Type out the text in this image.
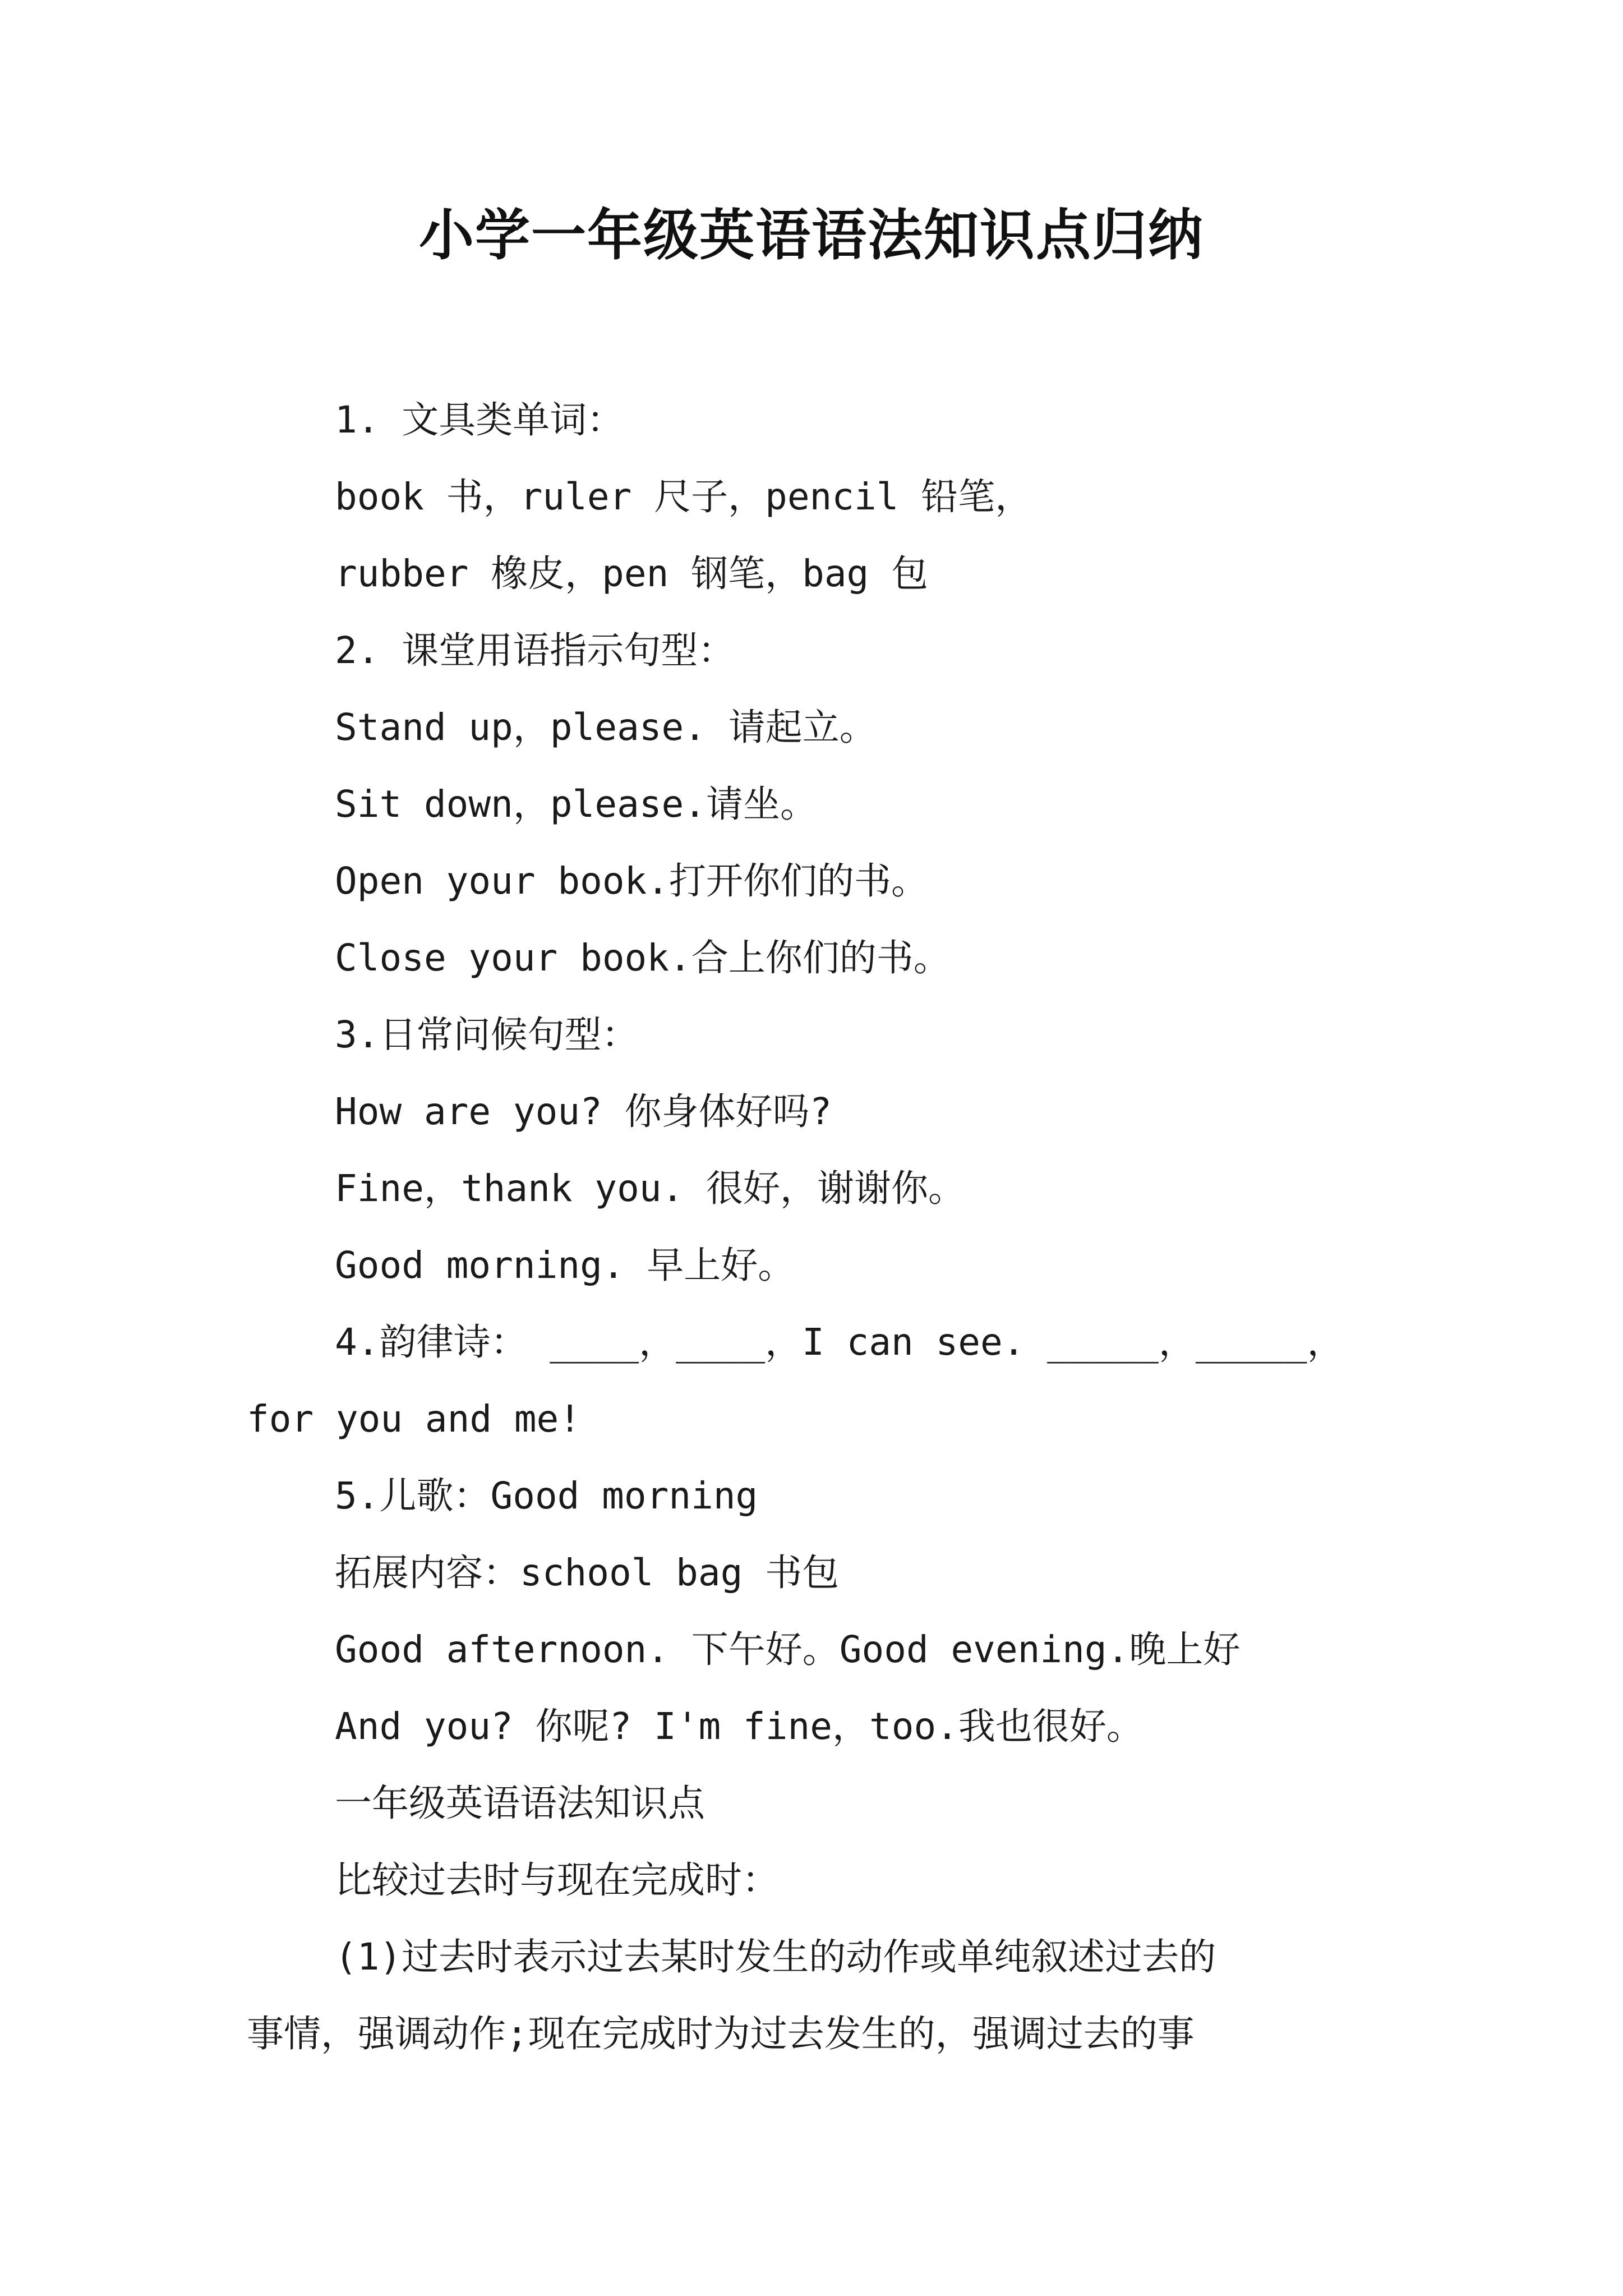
小学一年级英语语法知识点归纳
1. 文具类单词：
book 书，ruler 尺子，pencil 铅笔，
rubber 橡皮，pen 钢笔，bag 包
2. 课堂用语指示句型：
Stand up，please. 请起立。
Sit down，please.请坐。
Open your book.打开你们的书。
Close your book.合上你们的书。
3.日常问候句型：
How are you? 你身体好吗?
Fine，thank you. 很好，谢谢你。
Good morning. 早上好。
4.韵律诗： ____，____，I can see. _____，_____，
for you and me!
5.儿歌：Good morning
拓展内容：school bag 书包
Good afternoon. 下午好。Good evening.晚上好
And you? 你呢? I'm fine，too.我也很好。
一年级英语语法知识点
比较过去时与现在完成时：
(1)过去时表示过去某时发生的动作或单纯叙述过去的
事情，强调动作;现在完成时为过去发生的，强调过去的事
